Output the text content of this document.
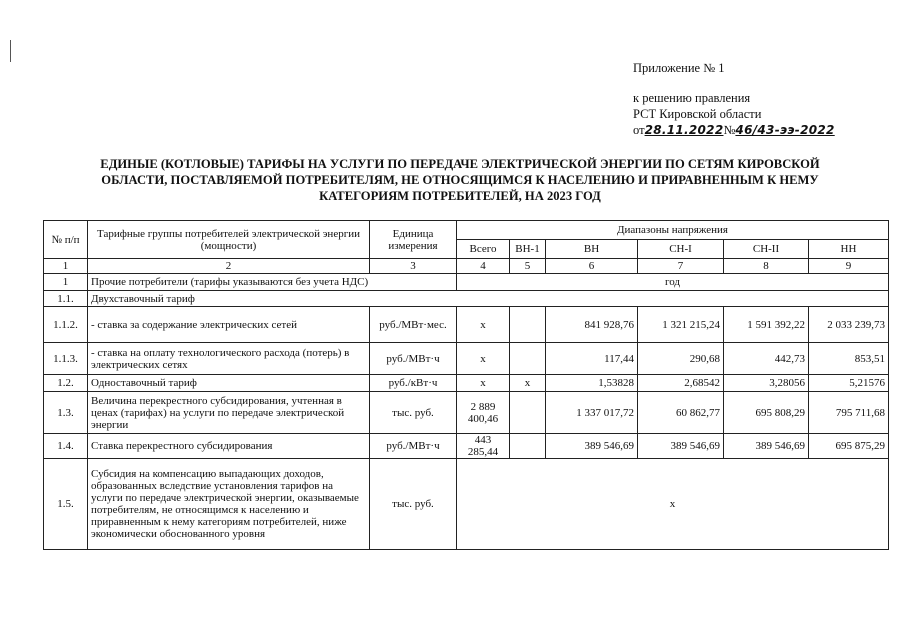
Приложение № 1
к решению правления
РСТ Кировской области
от28.11.2022№46/43-ээ-2022
ЕДИНЫЕ (КОТЛОВЫЕ) ТАРИФЫ НА УСЛУГИ ПО ПЕРЕДАЧЕ ЭЛЕКТРИЧЕСКОЙ ЭНЕРГИИ ПО СЕТЯМ КИРОВСКОЙ
ОБЛАСТИ, ПОСТАВЛЯЕМОЙ ПОТРЕБИТЕЛЯМ, НЕ ОТНОСЯЩИМСЯ К НАСЕЛЕНИЮ И ПРИРАВНЕННЫМ К НЕМУ
КАТЕГОРИЯМ ПОТРЕБИТЕЛЕЙ, НА 2023 ГОД
№ п/п	Тарифные группы потребителей электрической энергии (мощности)	Единица измерения	Диапазоны напряжения					
			Всего	ВН-1	ВН	СН-I	СН-II	НН
1	2	3	4	5	6	7	8	9
1	Прочие потребители (тарифы указываются без учета НДС)		год					
1.1.	Двухставочный тариф							
1.1.2.	- ставка за содержание электрических сетей	руб./МВт·мес.	х		841 928,76	1 321 215,24	1 591 392,22	2 033 239,73
1.1.3.	- ставка на оплату технологического расхода (потерь) в электрических сетях	руб./МВт·ч	х		117,44	290,68	442,73	853,51
1.2.	Одноставочный тариф	руб./кВт·ч	х	х	1,53828	2,68542	3,28056	5,21576
1.3.	Величина перекрестного субсидирования, учтенная в ценах (тарифах) на услуги по передаче электрической энергии	тыс. руб.	2 889 400,46		1 337 017,72	60 862,77	695 808,29	795 711,68
1.4.	Ставка перекрестного субсидирования	руб./МВт·ч	443 285,44		389 546,69	389 546,69	389 546,69	695 875,29
1.5.	Субсидия на компенсацию выпадающих доходов, образованных вследствие установления тарифов на услуги по передаче электрической энергии, оказываемые потребителям, не относящимся к населению и приравненным к нему категориям потребителей, ниже экономически обоснованного уровня	тыс. руб.	х					
